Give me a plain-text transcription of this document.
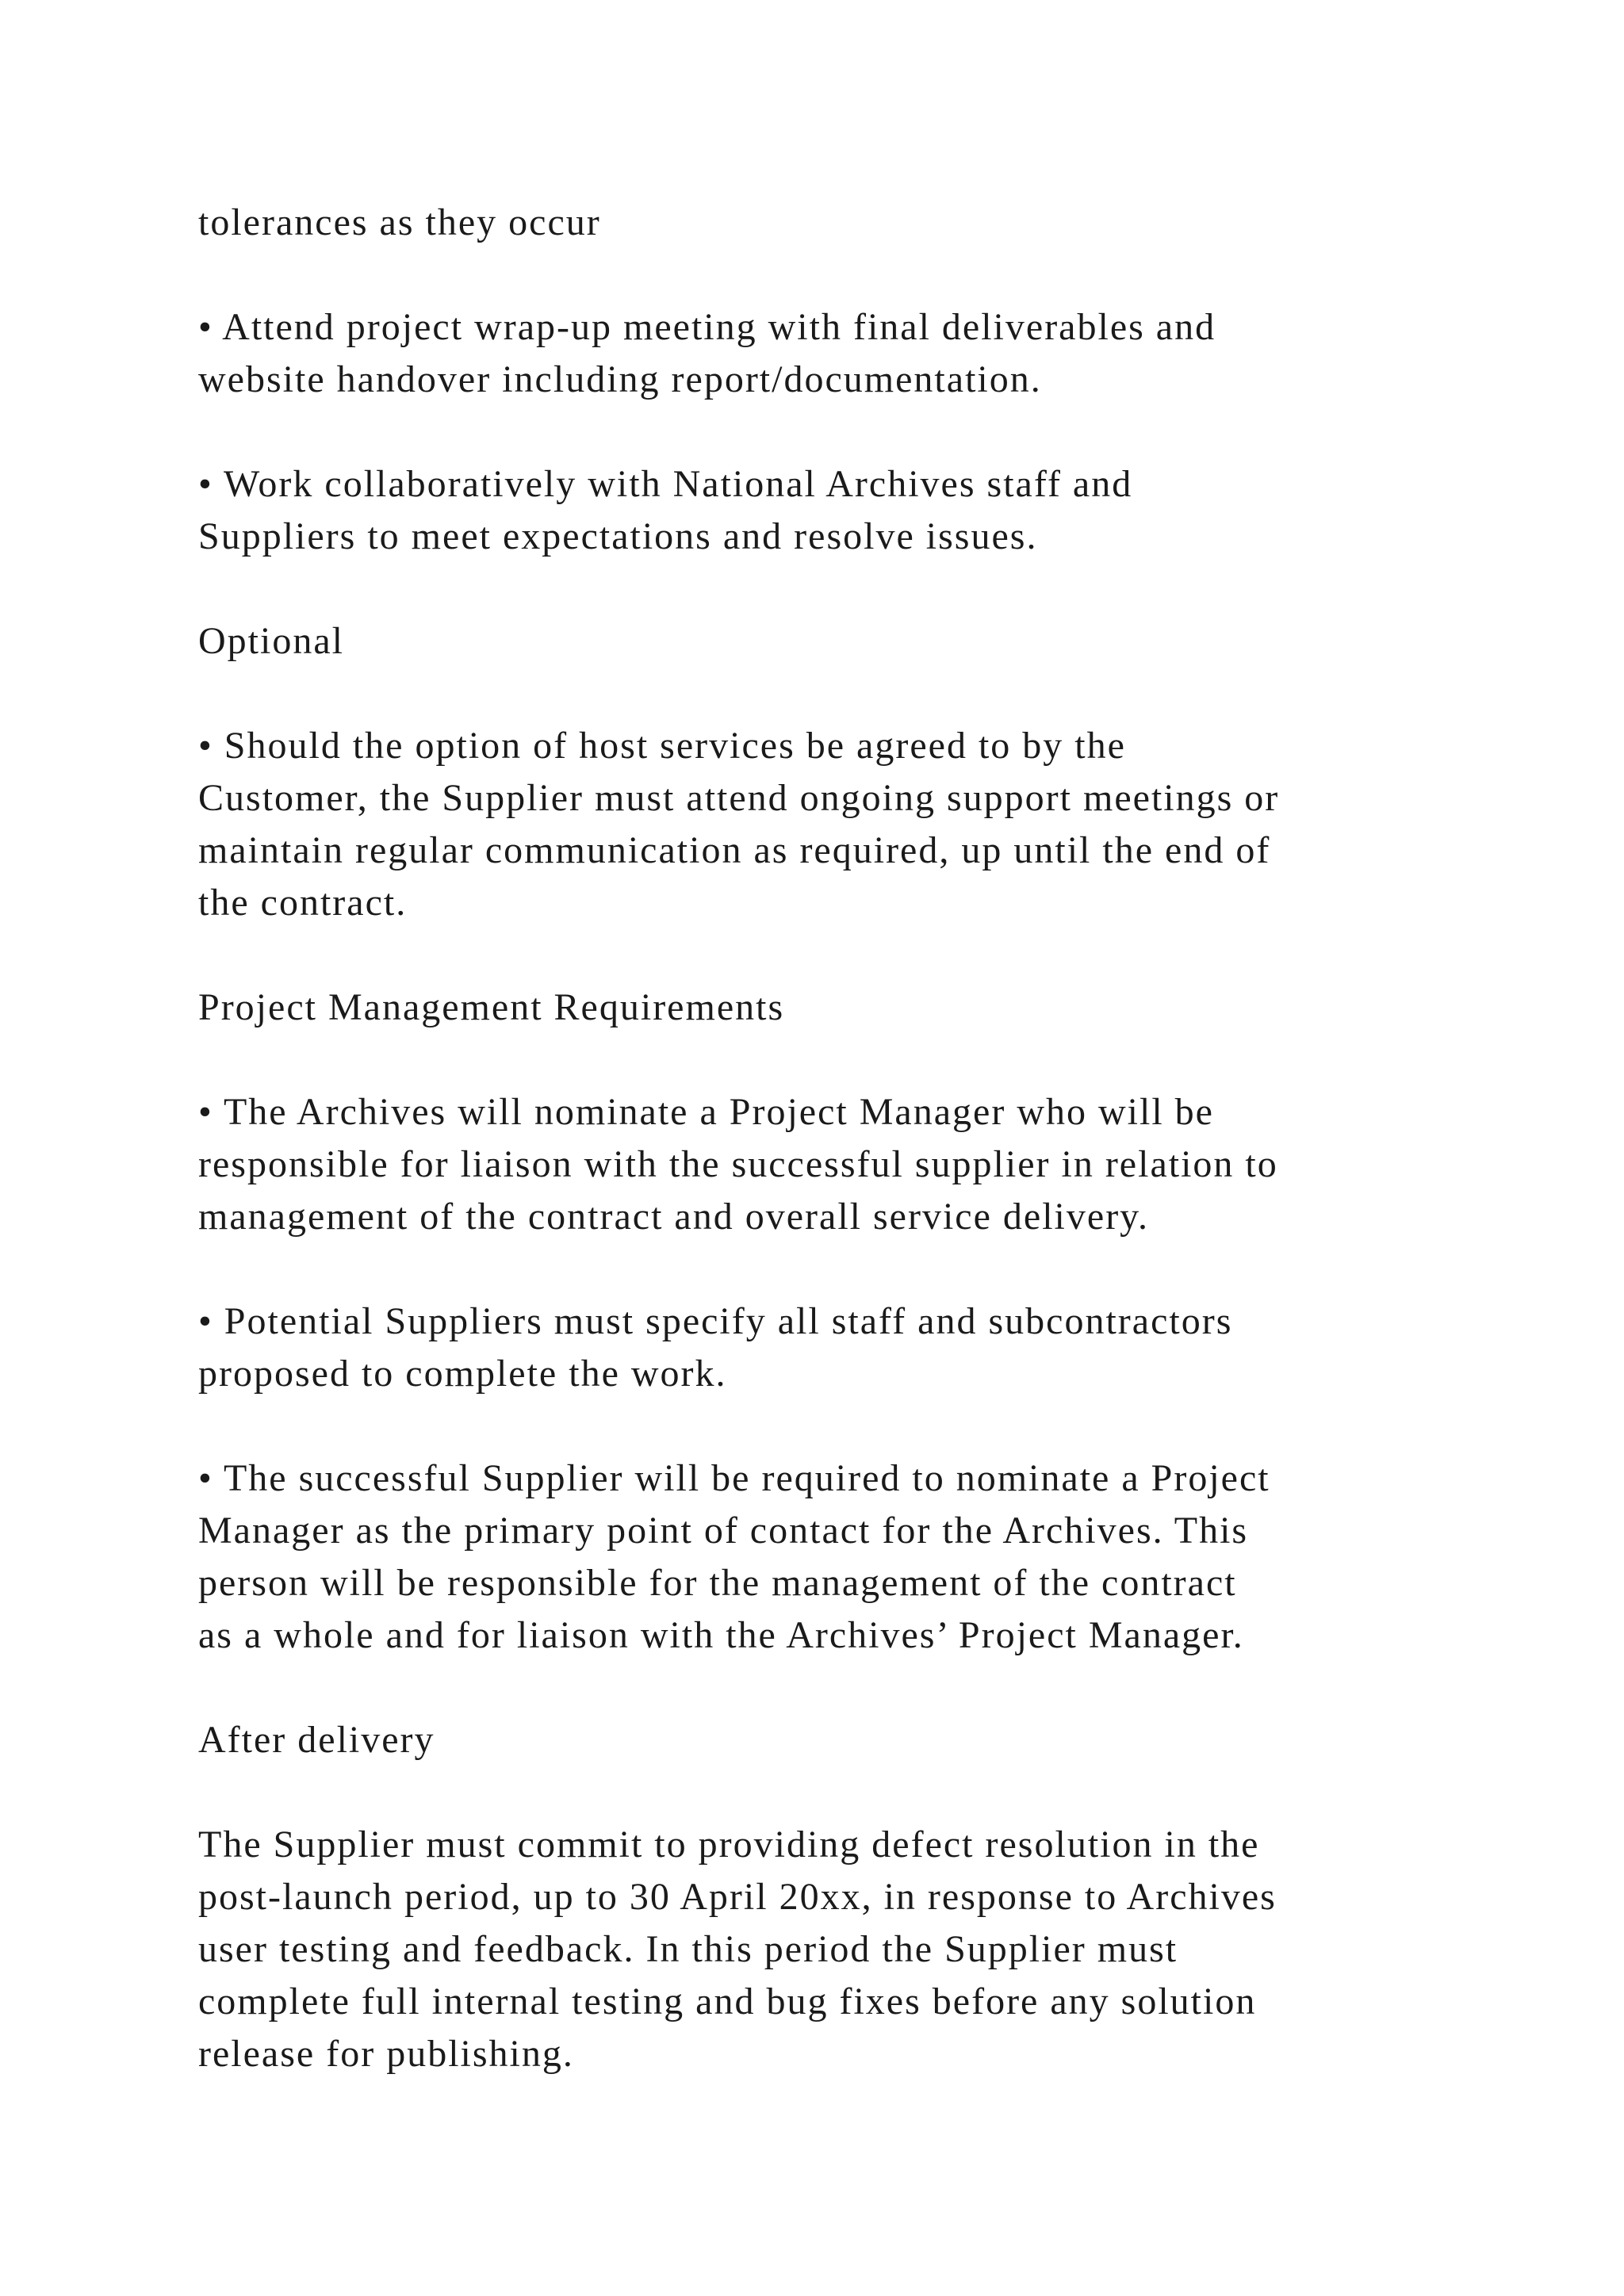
tolerances as they occur
• Attend project wrap-up meeting with final deliverables and
website handover including report/documentation.
• Work collaboratively with National Archives staff and
Suppliers to meet expectations and resolve issues.
Optional
• Should the option of host services be agreed to by the
Customer, the Supplier must attend ongoing support meetings or
maintain regular communication as required, up until the end of
the contract.
Project Management Requirements
• The Archives will nominate a Project Manager who will be
responsible for liaison with the successful supplier in relation to
management of the contract and overall service delivery.
• Potential Suppliers must specify all staff and subcontractors
proposed to complete the work.
• The successful Supplier will be required to nominate a Project
Manager as the primary point of contact for the Archives. This
person will be responsible for the management of the contract
as a whole and for liaison with the Archives’ Project Manager.
After delivery
The Supplier must commit to providing defect resolution in the
post-launch period, up to 30 April 20xx, in response to Archives
user testing and feedback. In this period the Supplier must
complete full internal testing and bug fixes before any solution
release for publishing.
